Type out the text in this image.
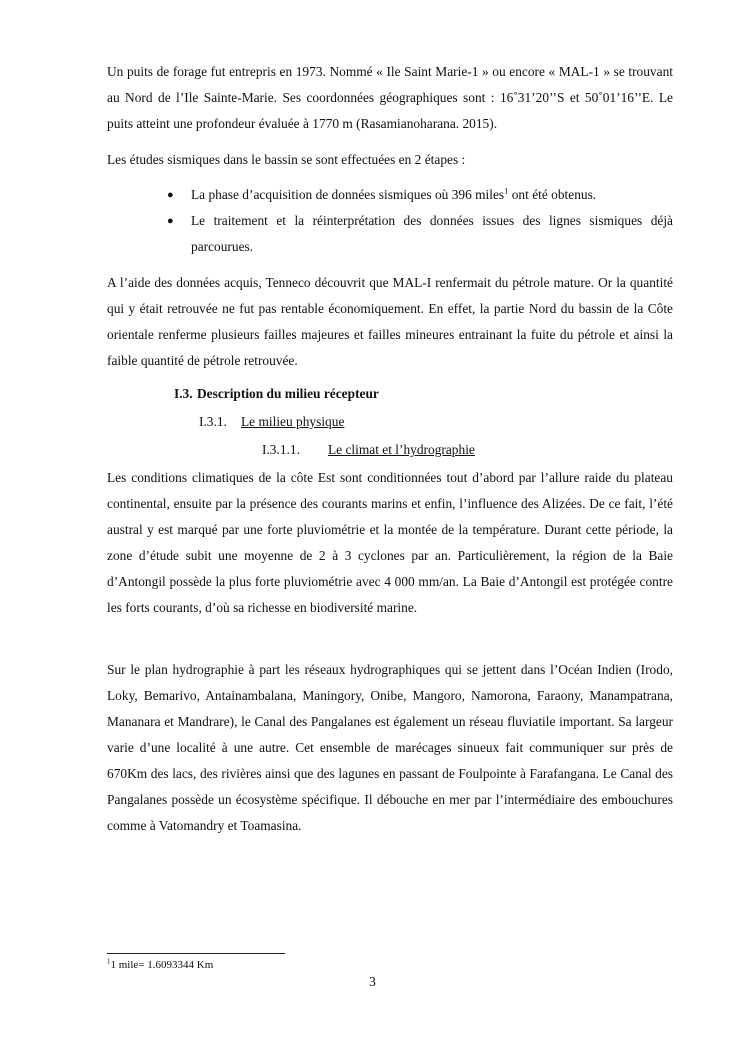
Un puits de forage fut entrepris en 1973. Nommé « Ile Saint Marie-1 » ou encore « MAL-1 » se trouvant au Nord de l’Ile Sainte-Marie. Ses coordonnées géographiques sont : 16˚31’20’’S et 50˚01’16’’E. Le puits atteint une profondeur évaluée à 1770 m (Rasamianoharana. 2015).

Les études sismiques dans le bassin se sont effectuées en 2 étapes :

● La phase d’acquisition de données sismiques où 396 miles$^1$ ont été obtenus.
● Le traitement et la réinterprétation des données issues des lignes sismiques déjà parcourues.

A l’aide des données acquis, Tenneco découvrit que MAL-I renfermait du pétrole mature. Or la quantité qui y était retrouvée ne fut pas rentable économiquement. En effet, la partie Nord du bassin de la Côte orientale renferme plusieurs failles majeures et failles mineures entrainant la fuite du pétrole et ainsi la faible quantité de pétrole retrouvée.

I.3. Description du milieu récepteur
I.3.1. Le milieu physique
I.3.1.1. Le climat et l’hydrographie

Les conditions climatiques de la côte Est sont conditionnées tout d’abord par l’allure raide du plateau continental, ensuite par la présence des courants marins et enfin, l’influence des Alizées. De ce fait, l’été austral y est marqué par une forte pluviométrie et la montée de la température. Durant cette période, la zone d’étude subit une moyenne de 2 à 3 cyclones par an. Particulièrement, la région de la Baie d’Antongil possède la plus forte pluviométrie avec 4 000 mm/an. La Baie d’Antongil est protégée contre les forts courants, d’où sa richesse en biodiversité marine.

Sur le plan hydrographie à part les réseaux hydrographiques qui se jettent dans l’Océan Indien (Irodo, Loky, Bemarivo, Antainambalana, Maningory, Onibe, Mangoro, Namorona, Faraony, Manampatrana, Mananara et Mandrare), le Canal des Pangalanes est également un réseau fluviatile important. Sa largeur varie d’une localité à une autre. Cet ensemble de marécages sinueux fait communiquer sur près de 670Km des lacs, des rivières ainsi que des lagunes en passant de Foulpointe à Farafangana. Le Canal des Pangalanes possède un écosystème spécifique. Il débouche en mer par l’intermédiaire des embouchures comme à Vatomandry et Toamasina.

$^1$1 mile= 1.6093344 Km
3
